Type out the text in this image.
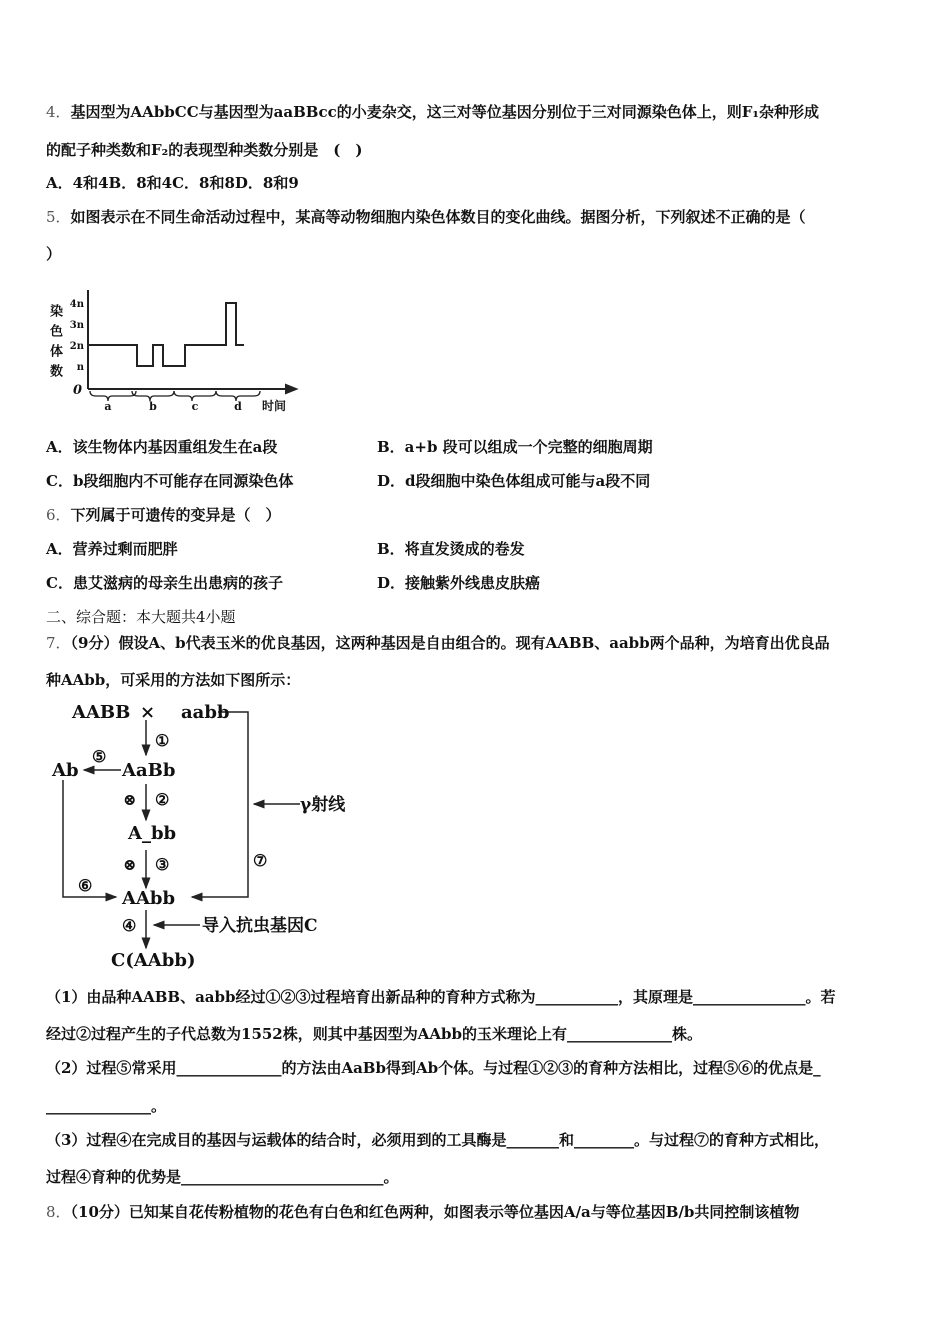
4．基因型为AAbbCC与基因型为aaBBcc的小麦杂交，这三对等位基因分别位于三对同源染色体上，则F₁杂种形成
的配子种类数和F₂的表现型种类数分别是　(　)
A．4和4B．8和4C．8和8D．8和9
5．如图表示在不同生命活动过程中，某高等动物细胞内染色体数目的变化曲线。据图分析，下列叙述不正确的是（
）
4n
3n
2n
n
0
a	b	c	d 时间
染色体数
A．该生物体内基因重组发生在a段	B．a+b 段可以组成一个完整的细胞周期
C．b段细胞内不可能存在同源染色体	D．d段细胞中染色体组成可能与a段不同
6．下列属于可遗传的变异是（　）
A．营养过剩而肥胖	B．将直发烫成的卷发
C．患艾滋病的母亲生出患病的孩子	D．接触紫外线患皮肤癌
二、综合题：本大题共4小题
7．（9分）假设A、b代表玉米的优良基因，这两种基因是自由组合的。现有AABB、aabb两个品种，为培育出优良品
种AAbb，可采用的方法如下图所示：
AABB × aabb
AaBb
Ab
A_bb
AAbb
C(AAbb)
①
⑤
⊗ ②
⊗ ③
⑥
⑦
④
γ射线
导入抗虫基因C
（1）由品种AABB、aabb经过①②③过程培育出新品种的育种方式称为___________，其原理是_______________。若
经过②过程产生的子代总数为1552株，则其中基因型为AAbb的玉米理论上有______________株。
（2）过程⑤常采用______________的方法由AaBb得到Ab个体。与过程①②③的育种方法相比，过程⑤⑥的优点是_
______________。
（3）过程④在完成目的基因与运载体的结合时，必须用到的工具酶是_______和________。与过程⑦的育种方式相比，
过程④育种的优势是___________________________。
8．（10分）已知某自花传粉植物的花色有白色和红色两种，如图表示等位基因A/a与等位基因B/b共同控制该植物
